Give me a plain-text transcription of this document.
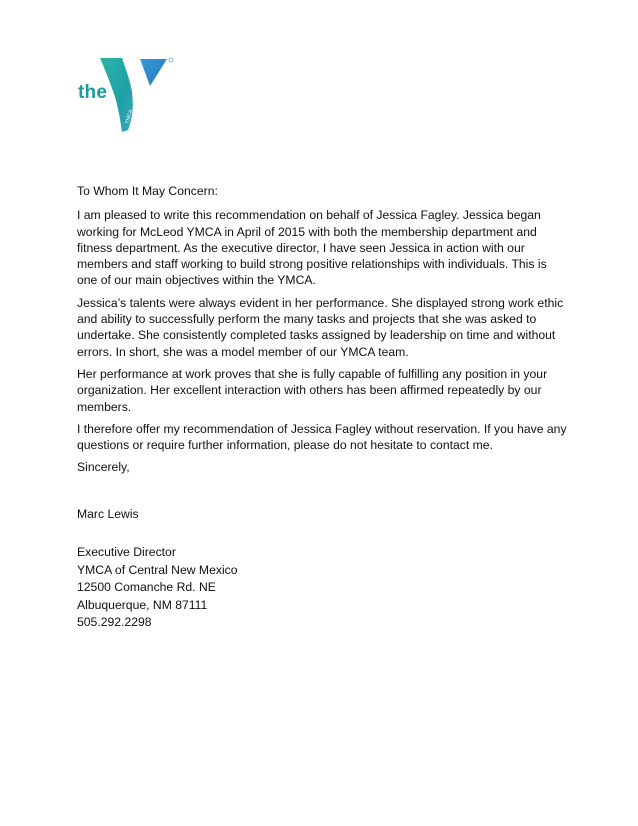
the
YMCA

To Whom It May Concern:

I am pleased to write this recommendation on behalf of Jessica Fagley. Jessica began working for McLeod YMCA in April of 2015 with both the membership department and fitness department. As the executive director, I have seen Jessica in action with our members and staff working to build strong positive relationships with individuals. This is one of our main objectives within the YMCA.

Jessica’s talents were always evident in her performance. She displayed strong work ethic and ability to successfully perform the many tasks and projects that she was asked to undertake. She consistently completed tasks assigned by leadership on time and without errors. In short, she was a model member of our YMCA team.

Her performance at work proves that she is fully capable of fulfilling any position in your organization. Her excellent interaction with others has been affirmed repeatedly by our members.

I therefore offer my recommendation of Jessica Fagley without reservation. If you have any questions or require further information, please do not hesitate to contact me.

Sincerely,

Marc Lewis
Executive Director
YMCA of Central New Mexico
12500 Comanche Rd. NE
Albuquerque, NM 87111
505.292.2298
